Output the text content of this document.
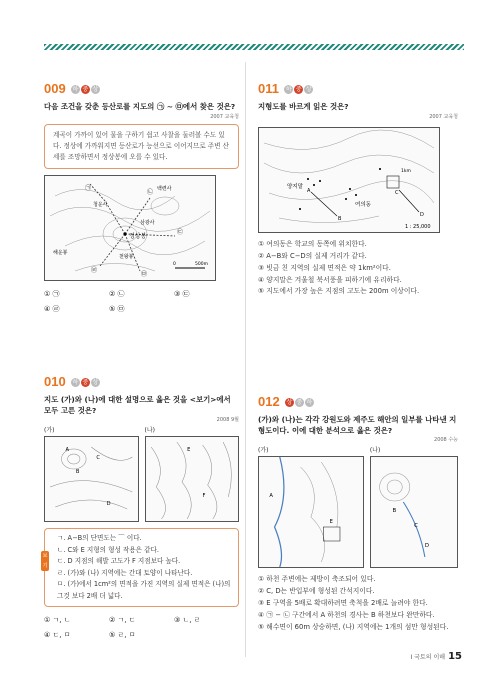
009 하 중 상
다음 조건을 갖춘 등산로를 지도의 ㉠ ~ ㉤에서 찾은 것은?
2007 교육청
계곡이 가까이 있어 물을 구하기 쉽고 사찰을 둘러볼 수도 있다. 정상에 가까워지면 등산로가 능선으로 이어지므로 주변 산세를 조망하면서 정상봉에 오를 수 있다.
정상봉
㉠
㉡
㉢
㉣
㉤
백련사
청운사
삼광사
해운봉
천왕봉
0	500m
① ㉠	② ㉡	③ ㉢
④ ㉣	⑤ ㉤
010 하 중 상
지도 (가)와 (나)에 대한 설명으로 옳은 것을 <보기>에서 모두 고른 것은?
2008 9월
(가)
A
B
C
D
(나)
E
F
보기
ㄱ. A−B의 단면도는 ⌒ 이다.
ㄴ. C와 E 지형의 형성 작용은 같다.
ㄷ. D 지점의 해발 고도가 F 지점보다 높다.
ㄹ. (가)와 (나) 지역에는 간대 토양이 나타난다.
ㅁ. (가)에서 1cm²의 면적을 가진 지역의 실제 면적은 (나)의 그것 보다 2배 더 넓다.
① ㄱ, ㄴ	② ㄱ, ㄷ	③ ㄴ, ㄹ
④ ㄷ, ㅁ	⑤ ㄹ, ㅁ
011 하 중 상
지형도를 바르게 읽은 것은?
2007 교육청
A
B
C
D
양지말
여의동
1km
1 : 25,000
① 여의동은 학교의 동쪽에 위치한다.
② A−B와 C−D의 실제 거리가 같다.
③ 빗금 친 지역의 실제 면적은 약 1km²이다.
④ 양지말은 겨울철 북서풍을 피하기에 유리하다.
⑤ 지도에서 가장 높은 지점의 고도는 200m 이상이다.
012 상 중 하
(가)와 (나)는 각각 강원도와 제주도 해안의 일부를 나타낸 지형도이다. 이에 대한 분석으로 옳은 것은?
2008 수능
(가)
E
A
(나)
B
C
D
① 하천 주변에는 제방이 축조되어 있다.
② C, D는 반입부에 형성된 간석지이다.
③ E 구역을 5배로 확대하려면 축척을 2배로 늘려야 한다.
④ ㉠ − ㉡ 구간에서 A 하천의 경사는 B 하천보다 완만하다.
⑤ 해수면이 60m 상승하면, (나) 지역에는 1개의 섬만 형성된다.
Ⅰ 국토의 이해 15
